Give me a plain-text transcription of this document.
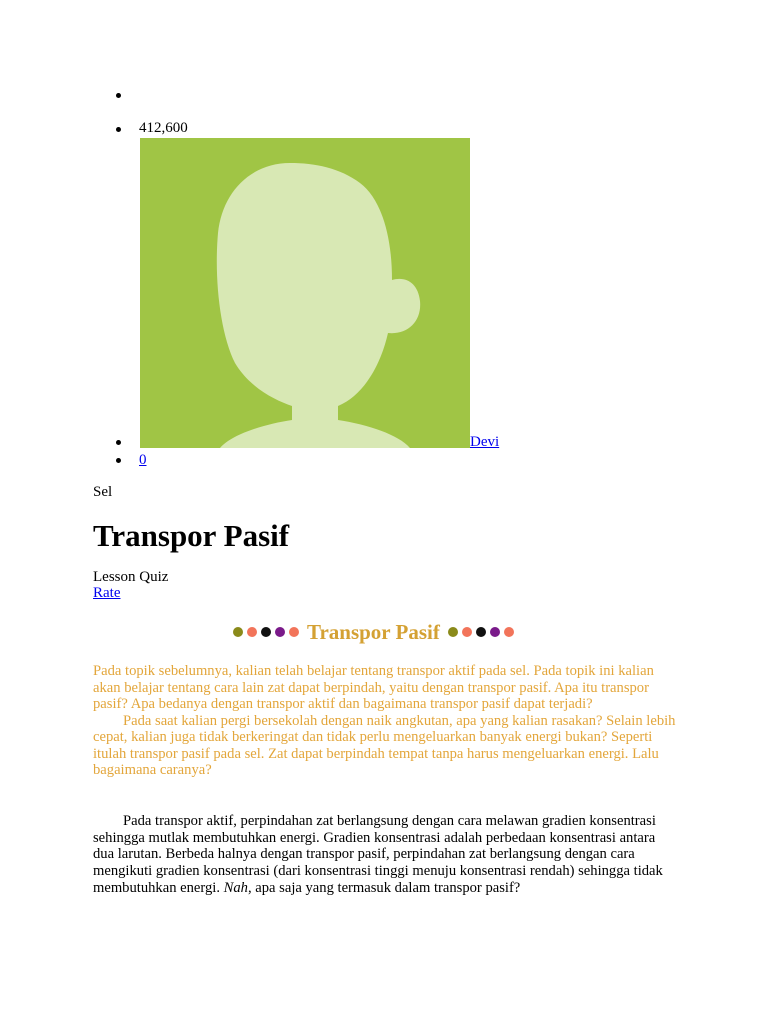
412,600
Devi
0
Sel
Transpor Pasif
Lesson Quiz
Rate
Transpor Pasif

Pada topik sebelumnya, kalian telah belajar tentang transpor aktif pada sel. Pada topik ini kalian akan belajar tentang cara lain zat dapat berpindah, yaitu dengan transpor pasif. Apa itu transpor pasif? Apa bedanya dengan transpor aktif dan bagaimana transpor pasif dapat terjadi?

Pada saat kalian pergi bersekolah dengan naik angkutan, apa yang kalian rasakan? Selain lebih cepat, kalian juga tidak berkeringat dan tidak perlu mengeluarkan banyak energi bukan? Seperti itulah transpor pasif pada sel. Zat dapat berpindah tempat tanpa harus mengeluarkan energi. Lalu bagaimana caranya?

Pada transpor aktif, perpindahan zat berlangsung dengan cara melawan gradien konsentrasi sehingga mutlak membutuhkan energi. Gradien konsentrasi adalah perbedaan konsentrasi antara dua larutan. Berbeda halnya dengan transpor pasif, perpindahan zat berlangsung dengan cara mengikuti gradien konsentrasi (dari konsentrasi tinggi menuju konsentrasi rendah) sehingga tidak membutuhkan energi. Nah, apa saja yang termasuk dalam transpor pasif?
